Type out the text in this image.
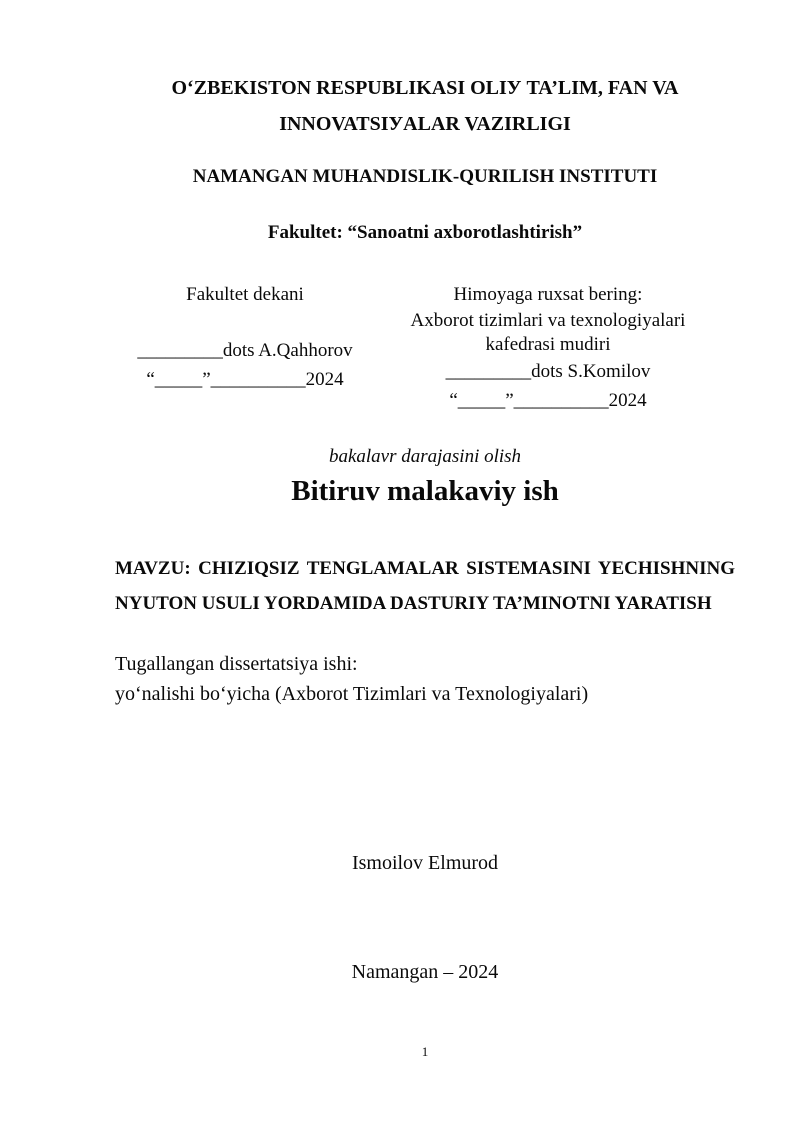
O‘ZBEKISTON RESPUBLIKASI OLIУ TA’LIM, FAN VA
INNOVATSIУALAR VAZIRLIGI
NAMANGAN MUHANDISLIK-QURILISH INSTITUTI
Fakultet: “Sanoatni axborotlashtirish”
Fakultet dekani
_________dots A.Qahhorov
“_____”__________2024
Himoyaga ruxsat bering:
Axborot tizimlari va texnologiyalari kafedrasi mudiri
_________dots S.Komilov
“_____”__________2024
bakalavr darajasini olish
Bitiruv malakaviy ish
MAVZU: CHIZIQSIZ TENGLAMALAR SISTEMASINI YECHISHNING
NYUTON USULI YORDAMIDA DASTURIY TA’MINOTNI YARATISH
Tugallangan dissertatsiya ishi:
yo‘nalishi bo‘yicha (Axborot Tizimlari va Texnologiyalari)
Ismoilov Elmurod
Namangan – 2024
1
